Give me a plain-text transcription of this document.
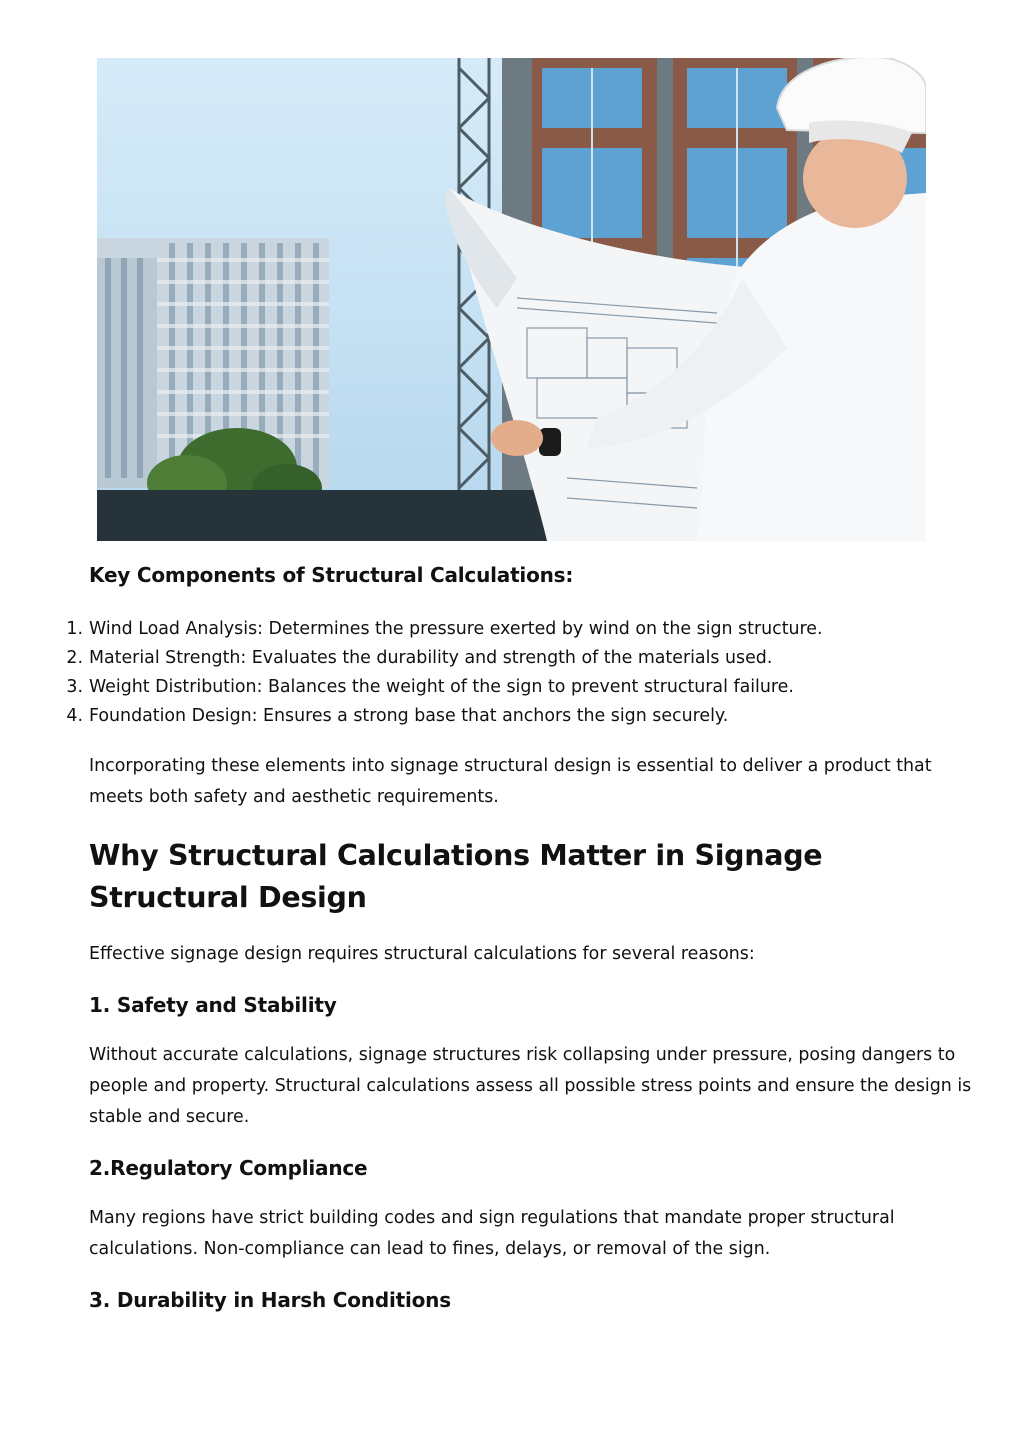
Key Components of Structural Calculations:
1. Wind Load Analysis: Determines the pressure exerted by wind on the sign structure.
2. Material Strength: Evaluates the durability and strength of the materials used.
3. Weight Distribution: Balances the weight of the sign to prevent structural failure.
4. Foundation Design: Ensures a strong base that anchors the sign securely.

Incorporating these elements into signage structural design is essential to deliver a product that meets both safety and aesthetic requirements.

Why Structural Calculations Matter in Signage Structural Design

Effective signage design requires structural calculations for several reasons:

1. Safety and Stability

Without accurate calculations, signage structures risk collapsing under pressure, posing dangers to people and property. Structural calculations assess all possible stress points and ensure the design is stable and secure.

2.Regulatory Compliance

Many regions have strict building codes and sign regulations that mandate proper structural calculations. Non-compliance can lead to fines, delays, or removal of the sign.

3. Durability in Harsh Conditions
